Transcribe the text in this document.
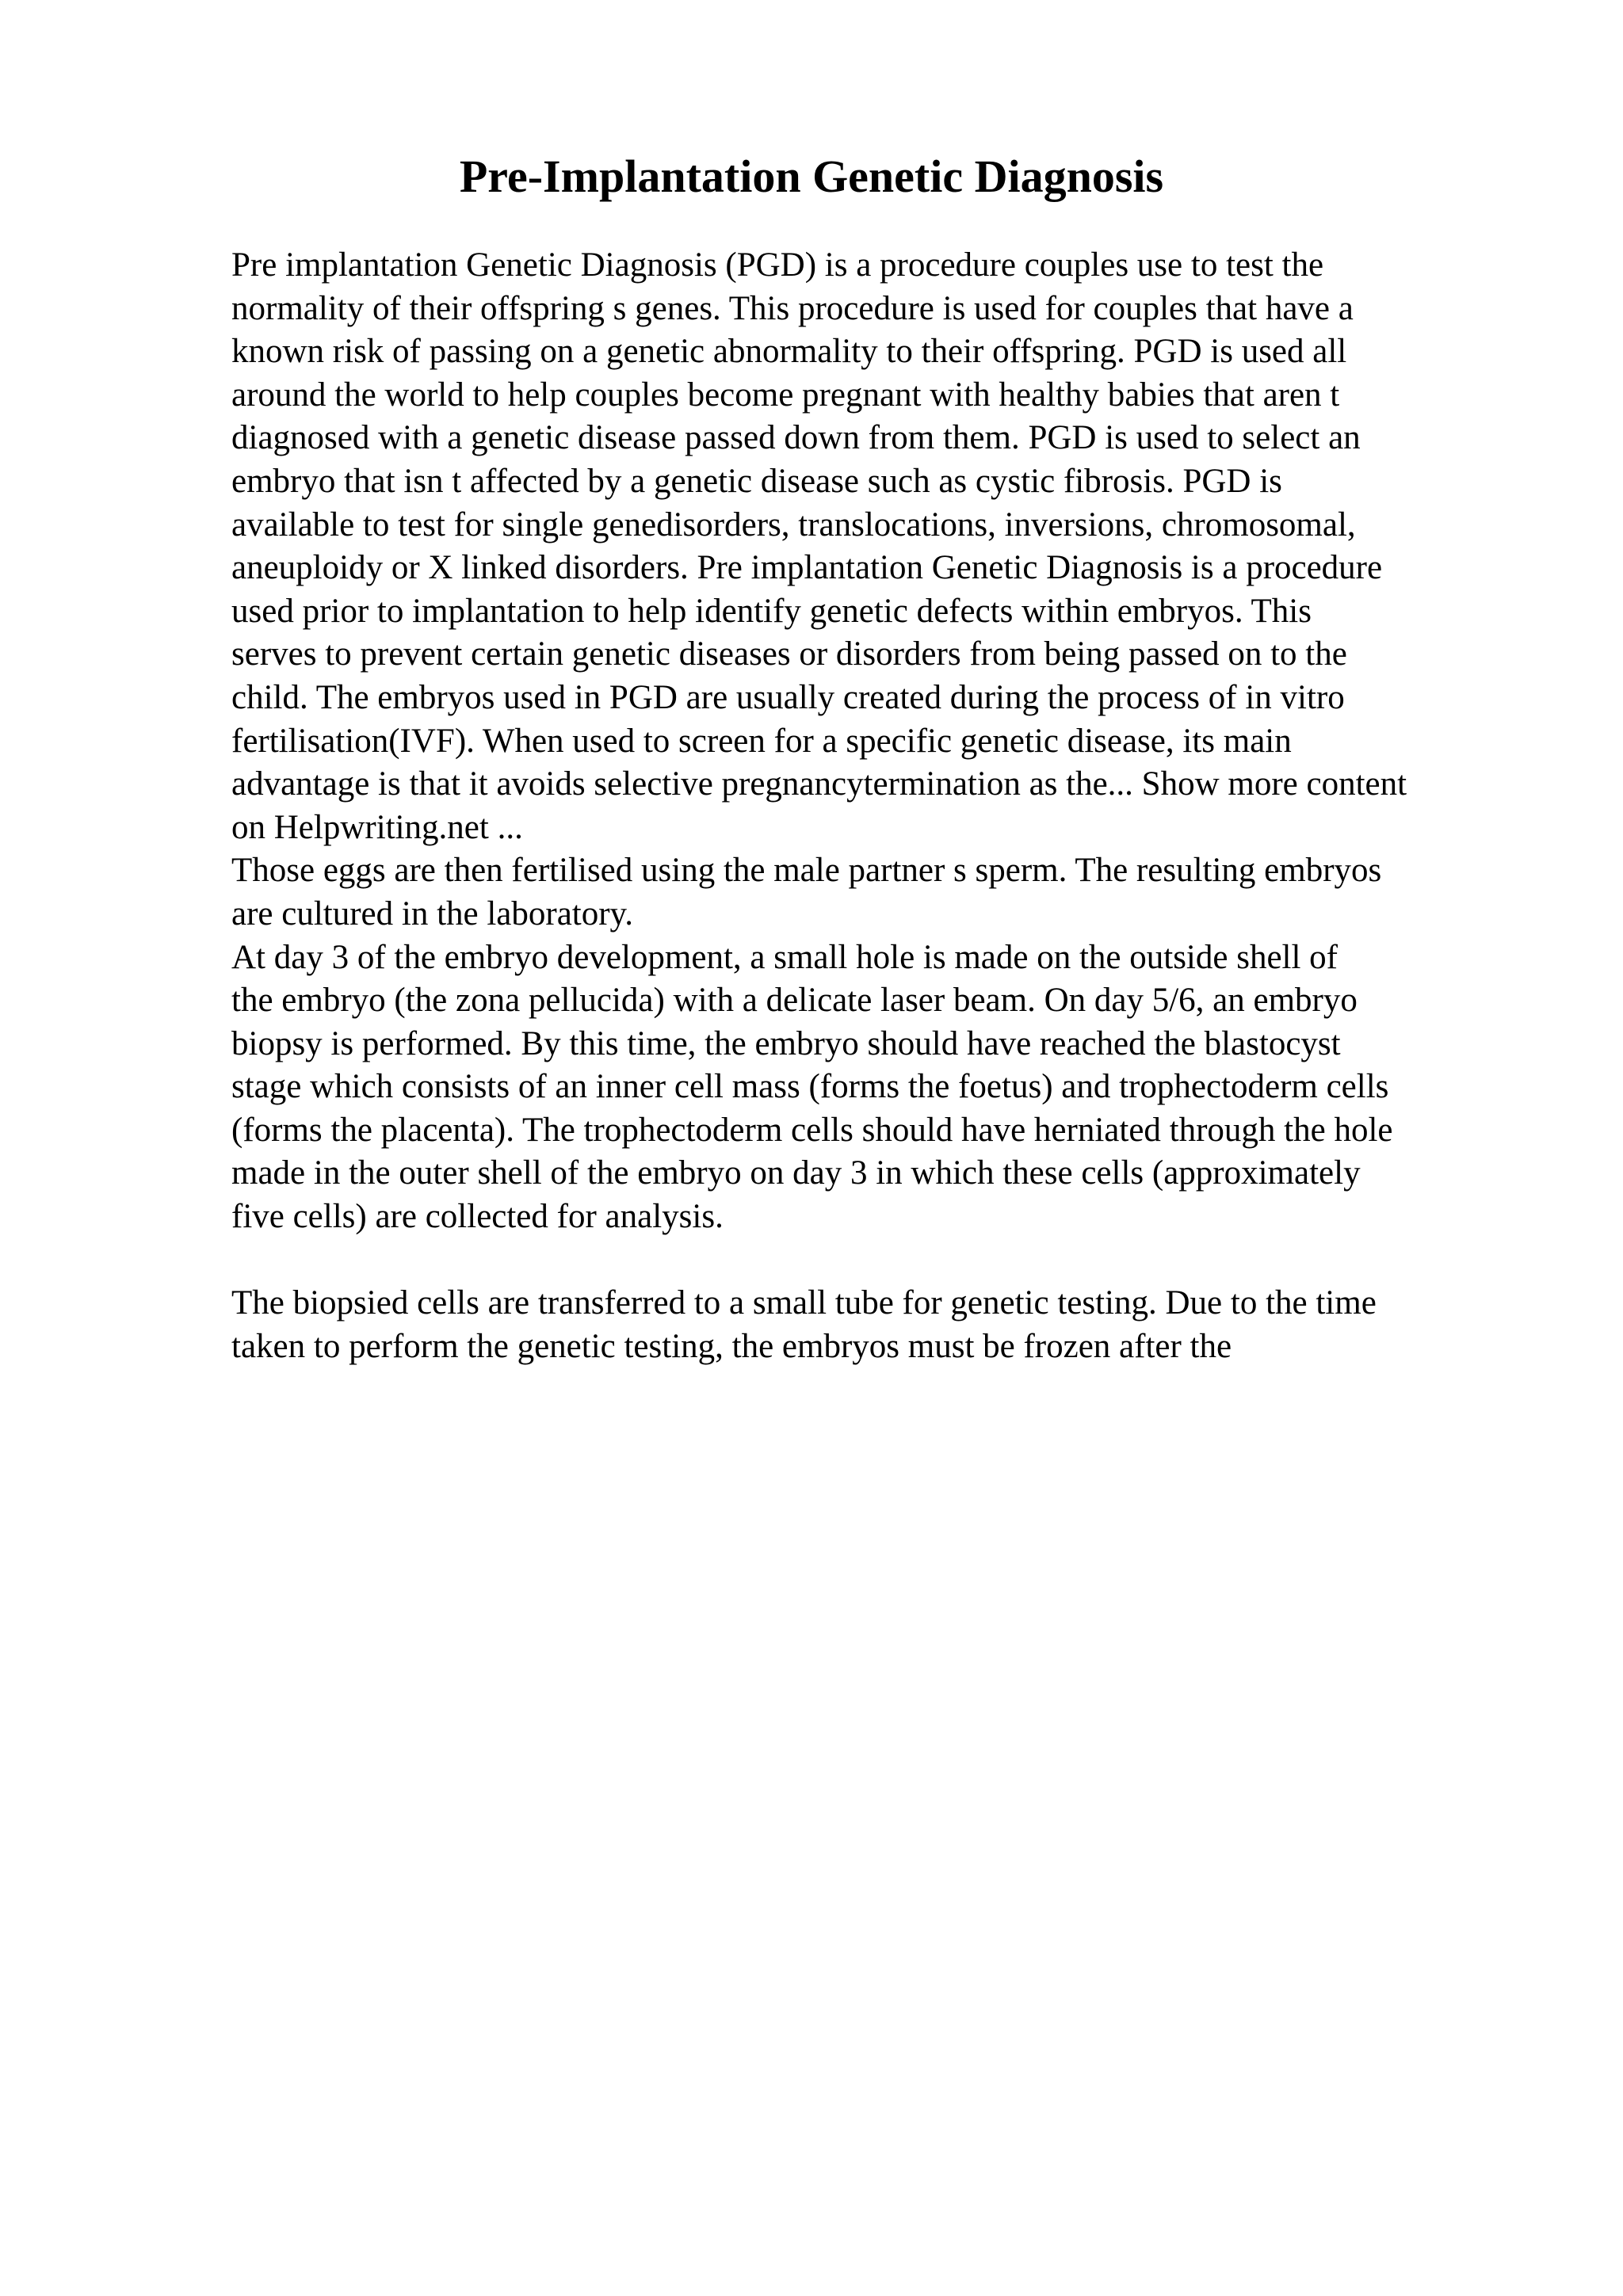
Pre-Implantation Genetic Diagnosis
Pre implantation Genetic Diagnosis (PGD) is a procedure couples use to test the
normality of their offspring s genes. This procedure is used for couples that have a
known risk of passing on a genetic abnormality to their offspring. PGD is used all
around the world to help couples become pregnant with healthy babies that aren t
diagnosed with a genetic disease passed down from them. PGD is used to select an
embryo that isn t affected by a genetic disease such as cystic fibrosis. PGD is
available to test for single genedisorders, translocations, inversions, chromosomal,
aneuploidy or X linked disorders. Pre implantation Genetic Diagnosis is a procedure
used prior to implantation to help identify genetic defects within embryos. This
serves to prevent certain genetic diseases or disorders from being passed on to the
child. The embryos used in PGD are usually created during the process of in vitro
fertilisation(IVF). When used to screen for a specific genetic disease, its main
advantage is that it avoids selective pregnancytermination as the... Show more content
on Helpwriting.net ...
Those eggs are then fertilised using the male partner s sperm. The resulting embryos
are cultured in the laboratory.
At day 3 of the embryo development, a small hole is made on the outside shell of
the embryo (the zona pellucida) with a delicate laser beam. On day 5/6, an embryo
biopsy is performed. By this time, the embryo should have reached the blastocyst
stage which consists of an inner cell mass (forms the foetus) and trophectoderm cells
(forms the placenta). The trophectoderm cells should have herniated through the hole
made in the outer shell of the embryo on day 3 in which these cells (approximately
five cells) are collected for analysis.
The biopsied cells are transferred to a small tube for genetic testing. Due to the time
taken to perform the genetic testing, the embryos must be frozen after the
